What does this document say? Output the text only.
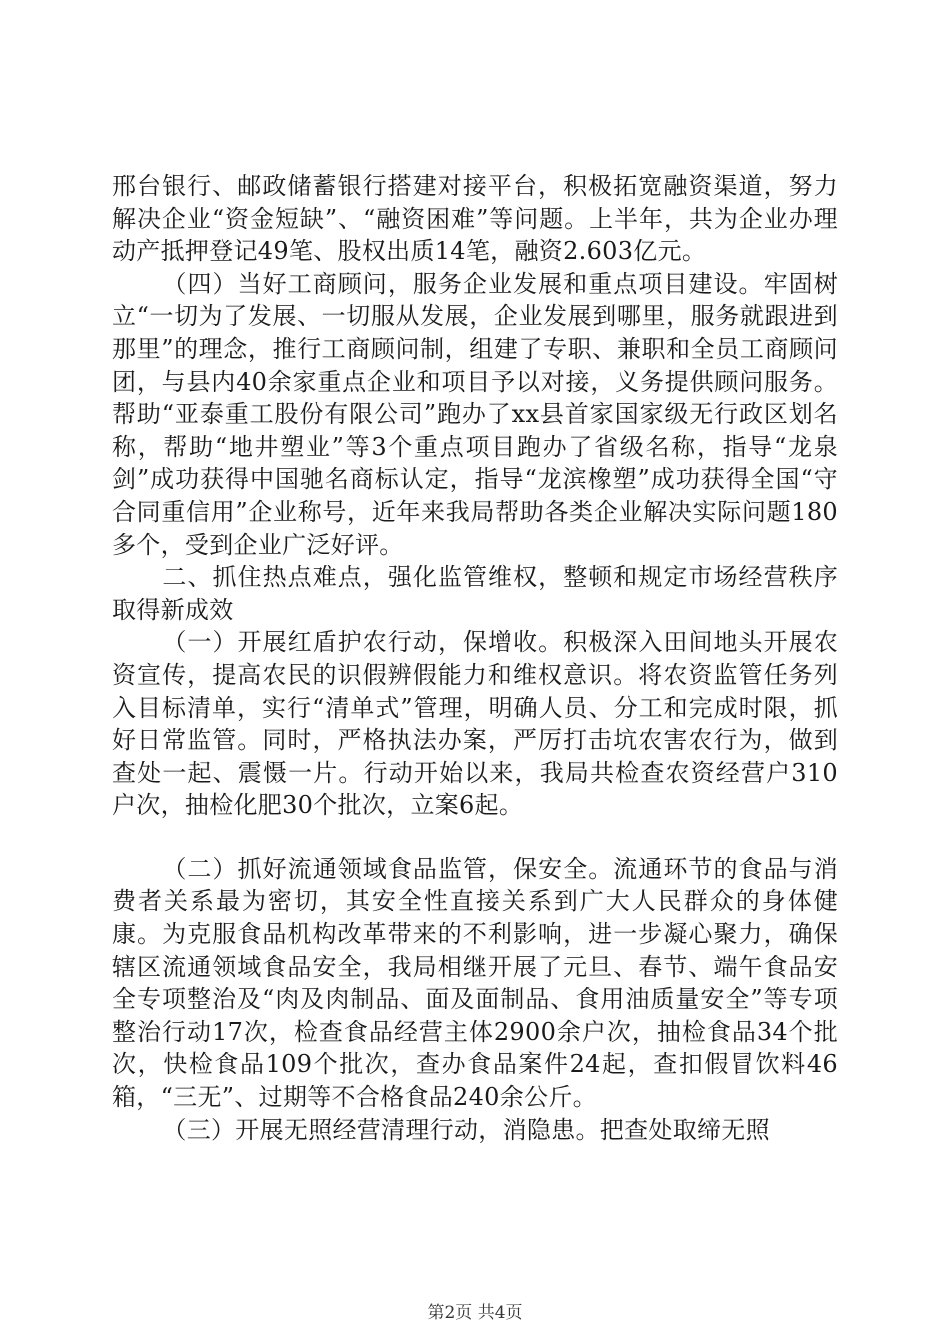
邢台银行、邮政储蓄银行搭建对接平台，积极拓宽融资渠道，努力解决企业“资金短缺”、“融资困难”等问题。上半年，共为企业办理动产抵押登记49笔、股权出质14笔，融资2.603亿元。

（四）当好工商顾问，服务企业发展和重点项目建设。牢固树立“一切为了发展、一切服从发展，企业发展到哪里，服务就跟进到那里”的理念，推行工商顾问制，组建了专职、兼职和全员工商顾问团，与县内40余家重点企业和项目予以对接，义务提供顾问服务。帮助“亚泰重工股份有限公司”跑办了xx县首家国家级无行政区划名称，帮助“地井塑业”等3个重点项目跑办了省级名称，指导“龙泉剑”成功获得中国驰名商标认定，指导“龙滨橡塑”成功获得全国“守合同重信用”企业称号，近年来我局帮助各类企业解决实际问题180多个，受到企业广泛好评。

二、抓住热点难点，强化监管维权，整顿和规定市场经营秩序取得新成效

（一）开展红盾护农行动，保增收。积极深入田间地头开展农资宣传，提高农民的识假辨假能力和维权意识。将农资监管任务列入目标清单，实行“清单式”管理，明确人员、分工和完成时限，抓好日常监管。同时，严格执法办案，严厉打击坑农害农行为，做到查处一起、震慑一片。行动开始以来，我局共检查农资经营户310户次，抽检化肥30个批次，立案6起。

（二）抓好流通领域食品监管，保安全。流通环节的食品与消费者关系最为密切，其安全性直接关系到广大人民群众的身体健康。为克服食品机构改革带来的不利影响，进一步凝心聚力，确保辖区流通领域食品安全，我局相继开展了元旦、春节、端午食品安全专项整治及“肉及肉制品、面及面制品、食用油质量安全”等专项整治行动17次，检查食品经营主体2900余户次，抽检食品34个批次，快检食品109个批次，查办食品案件24起，查扣假冒饮料46箱，“三无”、过期等不合格食品240余公斤。

（三）开展无照经营清理行动，消隐患。把查处取缔无照

第2页 共4页
